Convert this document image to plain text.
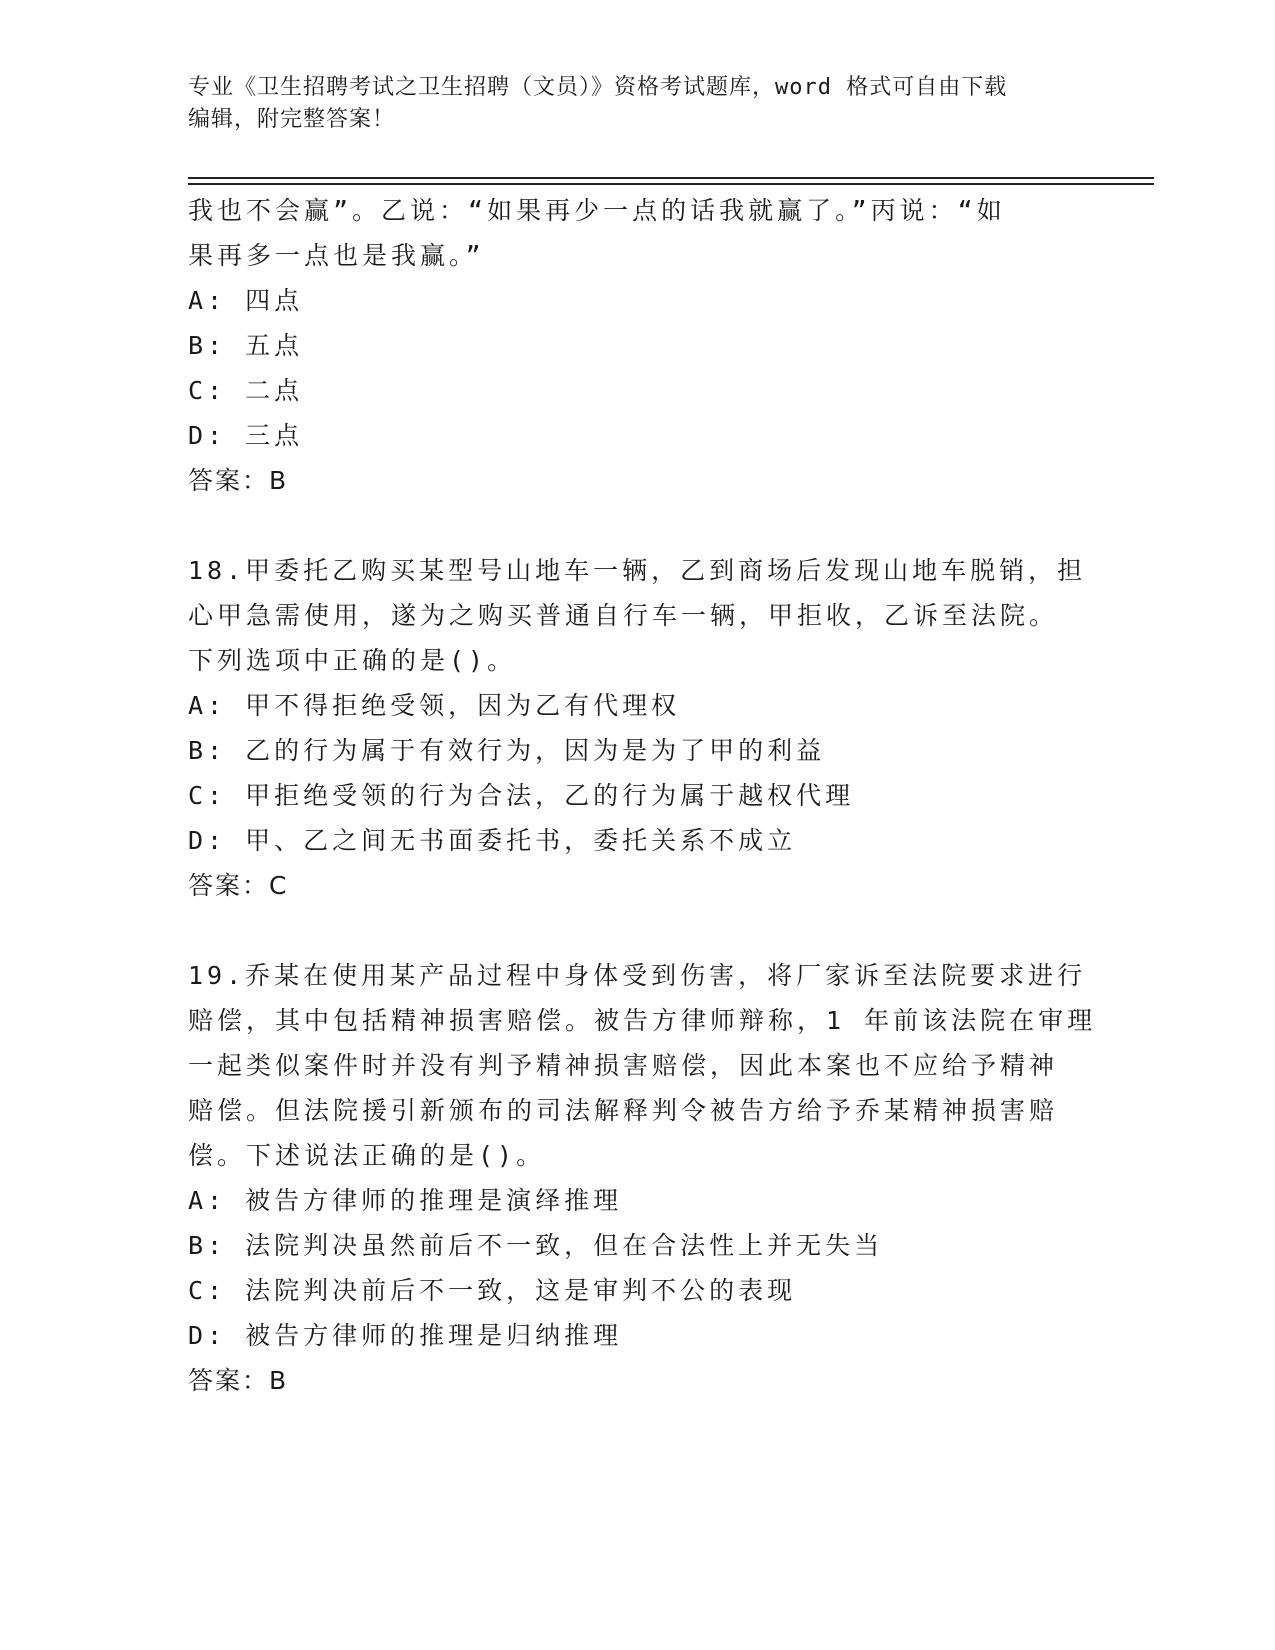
专业《卫生招聘考试之卫生招聘（文员）》资格考试题库，word 格式可自由下载
编辑，附完整答案！
我也不会赢”。乙说：“如果再少一点的话我就赢了。”丙说：“如
果再多一点也是我赢。”
A: 四点
B: 五点
C: 二点
D: 三点
答案：B
18.甲委托乙购买某型号山地车一辆，乙到商场后发现山地车脱销，担
心甲急需使用，遂为之购买普通自行车一辆，甲拒收，乙诉至法院。
下列选项中正确的是()。
A: 甲不得拒绝受领，因为乙有代理权
B: 乙的行为属于有效行为，因为是为了甲的利益
C: 甲拒绝受领的行为合法，乙的行为属于越权代理
D: 甲、乙之间无书面委托书，委托关系不成立
答案：C
19.乔某在使用某产品过程中身体受到伤害，将厂家诉至法院要求进行
赔偿，其中包括精神损害赔偿。被告方律师辩称，1 年前该法院在审理
一起类似案件时并没有判予精神损害赔偿，因此本案也不应给予精神
赔偿。但法院援引新颁布的司法解释判令被告方给予乔某精神损害赔
偿。下述说法正确的是()。
A: 被告方律师的推理是演绎推理
B: 法院判决虽然前后不一致，但在合法性上并无失当
C: 法院判决前后不一致，这是审判不公的表现
D: 被告方律师的推理是归纳推理
答案：B
